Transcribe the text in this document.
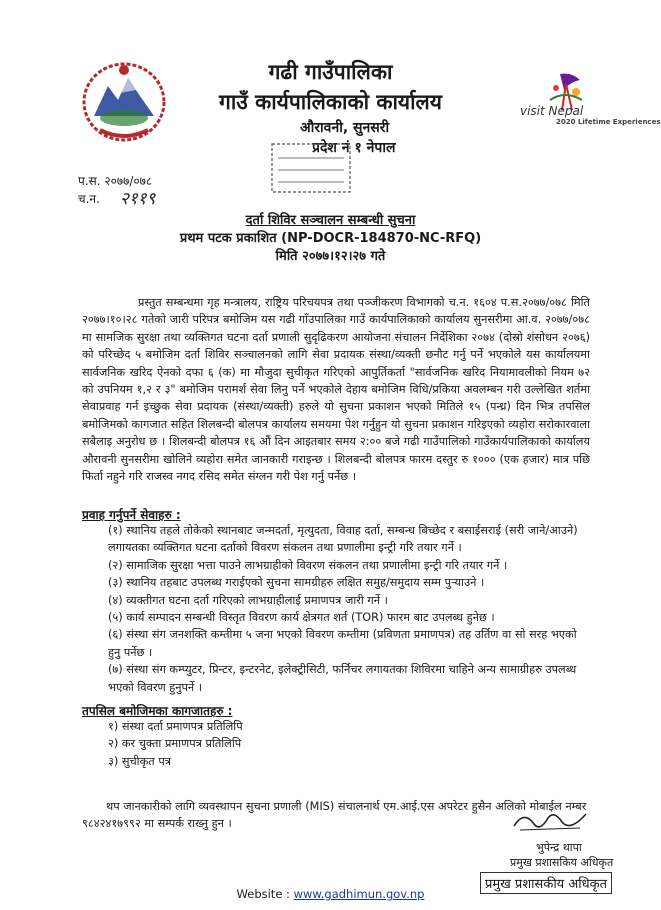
गढी गाउँपालिका
गाउँ कार्यपालिकाको कार्यालय
औरावनी, सुनसरी
प्रदेश नं १ नेपाल
visit Nepal
2020 Lifetime Experiences
प.स. २०७७/०७८
च.न. २११९
दर्ता शिविर सञ्चालन सम्बन्धी सुचना
प्रथम पटक प्रकाशित (NP-DOCR-184870-NC-RFQ)
मिति २०७७।१२।२७ गते
प्रस्तुत सम्बन्धमा गृह मन्त्रालय, राष्ट्रिय परिचयपत्र तथा पञ्जीकरण विभागको च.न. १६०४ प.स.२०७७/०७८ मिति २०७७।१०।२८ गतेको जारी परिपत्र बमोजिम यस गढी गाँउपालिका गाउँ कार्यपालिकाको कार्यालय सुनसरीमा आ.व. २०७७/०७८ मा सामजिक सुरक्षा तथा व्यक्तिगत घटना दर्ता प्रणाली सुदृढिकरण आयोजना संचालन निर्देशिका २०७४ (दोस्रो शंसोधन २०७६) को परिच्छेद ५ बमोजिम दर्ता शिविर सञ्चालनको लागि सेवा प्रदायक संस्था/व्यक्ती छनौट गर्नु पर्ने भएकोले यस कार्यालयमा सार्वजनिक खरिद ऐनको दफा ६ (क) मा मौजुदा सुचीकृत गरिएको आपुर्तिकर्ता "सार्वजनिक खरिद नियामावलीको नियम ७२ को उपनियम १,२ र ३" बमोजिम परामर्श सेवा लिनु पर्ने भएकोले देहाय बमोजिम विधि/प्रकिया अवलम्बन गरी उल्लेखित शर्तमा सेवाप्रवाह गर्न इच्छुक सेवा प्रदायक (संस्था/व्यक्ती) हरुले यो सुचना प्रकाशन भएको मितिले १५ (पन्ध्र) दिन भित्र तपसिल बमोजिमको कागजात सहित शिलबन्दी बोलपत्र कार्यालय समयमा पेश गर्नुहुन यो सुचना प्रकाशन गरिइएको व्यहोरा सरोकारवाला सबैलाइ अनुरोध छ । शिलबन्दी बोलपत्र १६ औं दिन आइतबार समय २:०० बजे गढी गाउँपालिको गाउँकार्यपालिकाको कार्यालय औरावनी सुनसरीमा खोलिने व्यहोरा समेत जानकारी गराइन्छ । शिलबन्दी बोलपत्र फारम दस्तुर रु १००० (एक हजार) मात्र पछि फिर्ता नहुने गरि राजस्व नगद रसिद समेत संग्लन गरी पेश गर्नु पर्नेछ ।
प्रवाह गर्नुपर्ने सेवाहरु :
(१) स्थानिय तहले तोकेको स्थानबाट जन्मदर्ता, मृत्युदता, विवाह दर्ता, सम्बन्ध बिच्छेद र बसाईसराई (सरी जाने/आउने) लगायतका व्यक्तिगत घटना दर्ताको विवरण संकलन तथा प्रणालीमा इन्ट्री गरि तयार गर्ने ।
(२) सामाजिक सुरक्षा भत्ता पाउने लाभग्राहीको विवरण संकलन तथा प्रणालीमा इन्ट्री गरि तयार गर्ने ।
(३) स्थानिय तहबाट उपलब्ध गराईएको सुचना सामग्रीहरु लक्षित समुह/समुदाय सम्म पुऱ्याउने ।
(४) व्यक्तीगत घटना दर्ता गरिएको लाभग्राहीलाई प्रमाणपत्र जारी गर्ने ।
(५) कार्य सम्पादन सम्बन्धी विस्तृत विवरण कार्य क्षेत्रगत शर्त (TOR) फारम बाट उपलब्ध हुनेछ ।
(६) संस्था संग जनशक्ति कम्तीमा ५ जना भएको विवरण कम्तीमा (प्रविणता प्रमाणपत्र) तह उर्तिण वा सो सरह भएको हुनु पर्नेछ ।
(७) संस्था संग कम्प्युटर, प्रिन्टर, इन्टरनेट, इलेक्ट्रीसिटी, फर्निचर लगायतका शिविरमा चाहिने अन्य सामाग्रीहरु उपलब्ध भएको विवरण हुनुपर्ने ।
तपसिल बमोजिमका कागजातहरु :
१) संस्था दर्ता प्रमाणपत्र प्रतिलिपि
२) कर चुक्ता प्रमाणपत्र प्रतिलिपि
३) सुचीकृत पत्र
थप जानकारीको लागि व्यवस्थापन सुचना प्रणाली (MIS) संचालनार्थ एम.आई.एस अपरेटर हुसैन अलिको मोबाईल नम्बर ९८४२४१७९९२ मा सम्पर्क राख्नु हुन ।
भुपेन्द्र थापा
प्रमुख प्रशासकिय अधिकृत
प्रमुख प्रशासकीय अधिकृत
Website : www.gadhimun.gov.np
